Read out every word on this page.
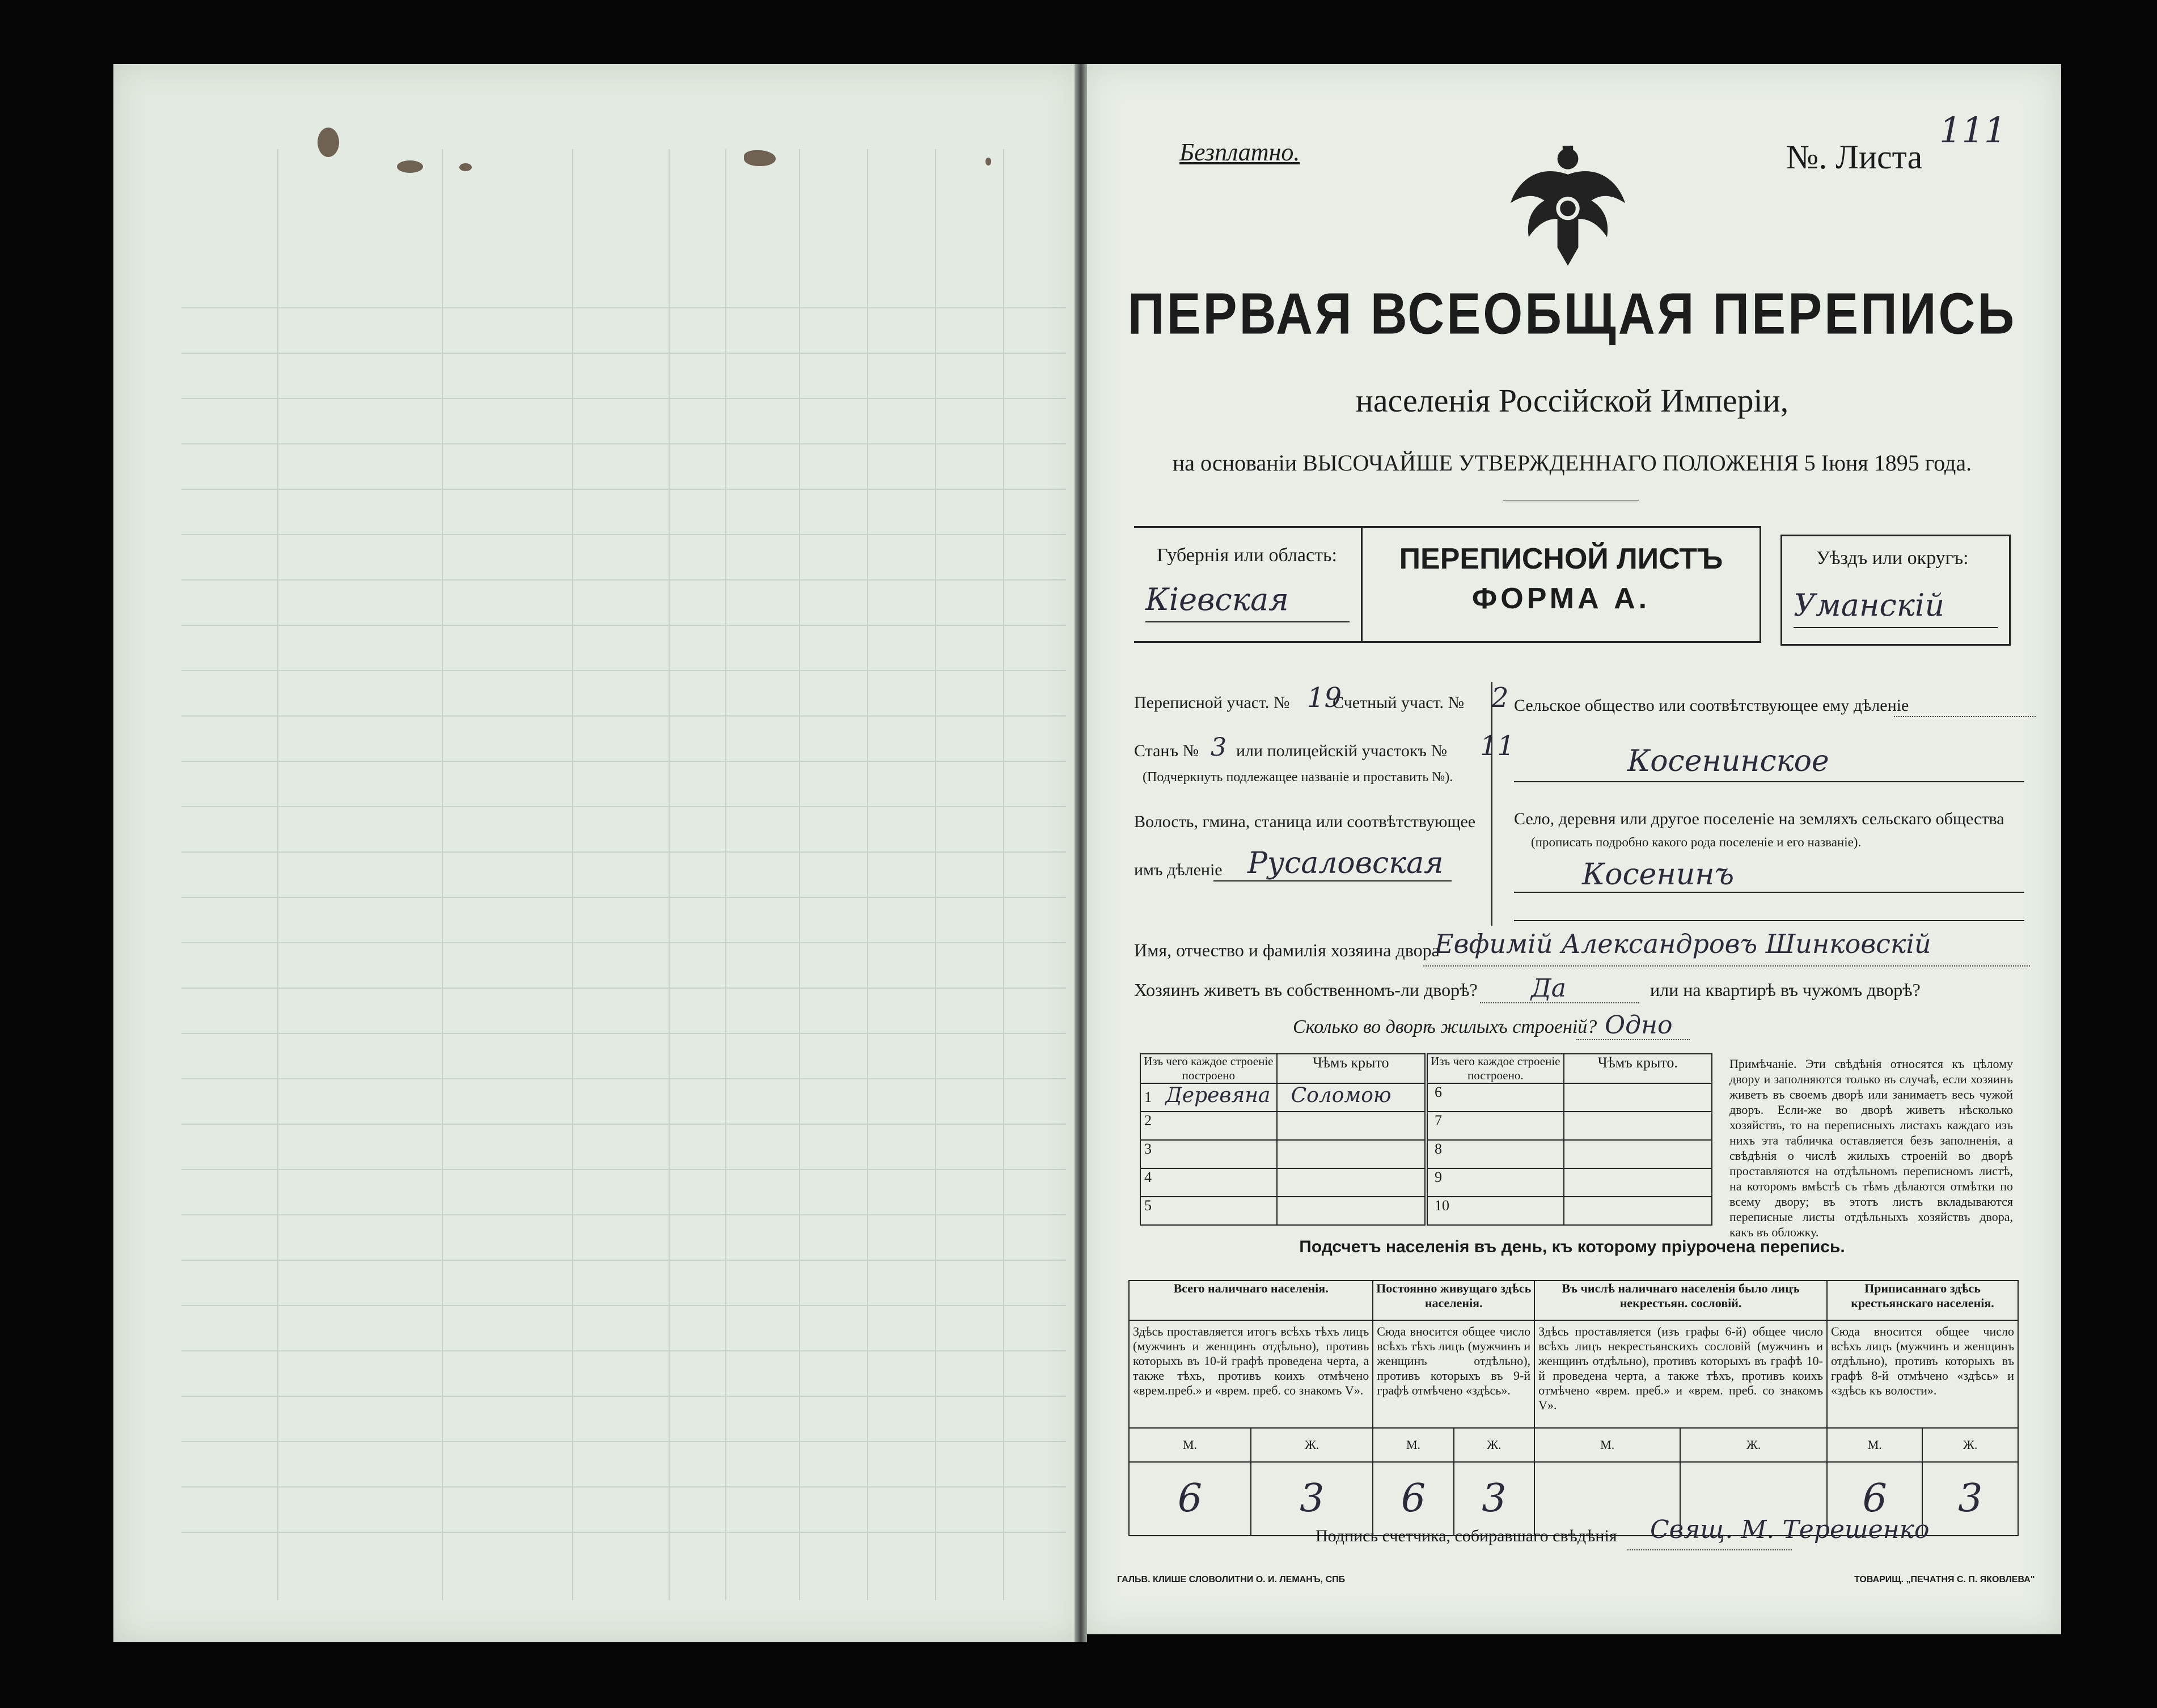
Безплатно.	№. Листа
111
ПЕРВАЯ ВСЕОБЩАЯ ПЕРЕПИСЬ
населенія Россійской Имперіи,
на основаніи ВЫСОЧАЙШЕ УТВЕРЖДЕННАГО ПОЛОЖЕНІЯ 5 Іюня 1895 года.
Губернія или область:
Кіевская
ПЕРЕПИСНОЙ ЛИСТЪ
ФОРМА А.
Уѣздъ или округъ:
Уманскій
Переписной участ. № 19
Счетный участ. № 2
Станъ № 3 или полицейскій участокъ № 11
(Подчеркнуть подлежащее названіе и проставить №).
Волость, гмина, станица или соотвѣтствующее
имъ дѣленіе Русаловская
Сельское общество или соотвѣтствующее ему дѣленіе
Косенинское
Село, деревня или другое поселеніе на земляхъ сельскаго общества
(прописать подробно какого рода поселеніе и его названіе).
Косенинъ
Имя, отчество и фамилія хозяина двора
Евфимій Александровъ Шинковскій
Хозяинъ живетъ въ собственномъ-ли дворѣ? Да	или на квартирѣ въ чужомъ дворѣ?
Сколько во дворѣ жилыхъ строеній? Одно
Изъ чего каждое строеніе построено	Чѣмъ крыто	Изъ чего каждое строеніе построено.	Чѣмъ крыто.
1 Деревяна	Соломою	6	
2		7	
3		8	
4		9	
5		10	
Примѣчаніе. Эти свѣдѣнія относятся къ цѣлому двору и заполняются только въ случаѣ, если хозяинъ живетъ въ своемъ дворѣ или занимаетъ весь чужой дворъ. Если-же во дворѣ живетъ нѣсколько хозяйствъ, то на переписныхъ листахъ каждаго изъ нихъ эта табличка оставляется безъ заполненія, а свѣдѣнія о числѣ жилыхъ строеній во дворѣ проставляются на отдѣльномъ переписномъ листѣ, на которомъ вмѣстѣ съ тѣмъ дѣлаются отмѣтки по всему двору; въ этотъ листъ вкладываются переписные листы отдѣльныхъ хозяйствъ двора, какъ въ обложку.
Подсчетъ населенія въ день, къ которому пріурочена перепись.
Всего наличнаго населенія.		Постоянно живущаго здѣсь населенія.		Въ числѣ наличнаго населенія было лицъ некрестьян. сословій.		Приписаннаго здѣсь крестьянскаго населенія.	
Здѣсь проставляется итогъ всѣхъ тѣхъ лицъ (мужчинъ и женщинъ отдѣльно), противъ которыхъ въ 10-й графѣ проведена черта, а также тѣхъ, противъ коихъ отмѣчено «врем.преб.» и «врем. преб. со знакомъ V».		Сюда вносится общее число всѣхъ тѣхъ лицъ (мужчинъ и женщинъ отдѣльно), противъ которыхъ въ 9-й графѣ отмѣчено «здѣсь».		Здѣсь проставляется (изъ графы 6-й) общее число всѣхъ лицъ некрестьянскихъ сословій (мужчинъ и женщинъ отдѣльно), противъ которыхъ въ графѣ 10-й проведена черта, а также тѣхъ, противъ коихъ отмѣчено «врем. преб.» и «врем. преб. со знакомъ V».		Сюда вносится общее число всѣхъ лицъ (мужчинъ и женщинъ отдѣльно), противъ которыхъ въ графѣ 8-й отмѣчено «здѣсь» и «здѣсь къ волости».	
М.	Ж.	М.	Ж.	М.	Ж.	М.	Ж.
6	3	6	3			6	3
Подпись счетчика, собиравшаго свѣдѣнія Свящ. М. Терешенко
ГАЛЬВ. КЛИШЕ СЛОВОЛИТНИ О. И. ЛЕМАНЪ, СПБ	ТОВАРИЩ. „ПЕЧАТНЯ С. П. ЯКОВЛЕВА"
